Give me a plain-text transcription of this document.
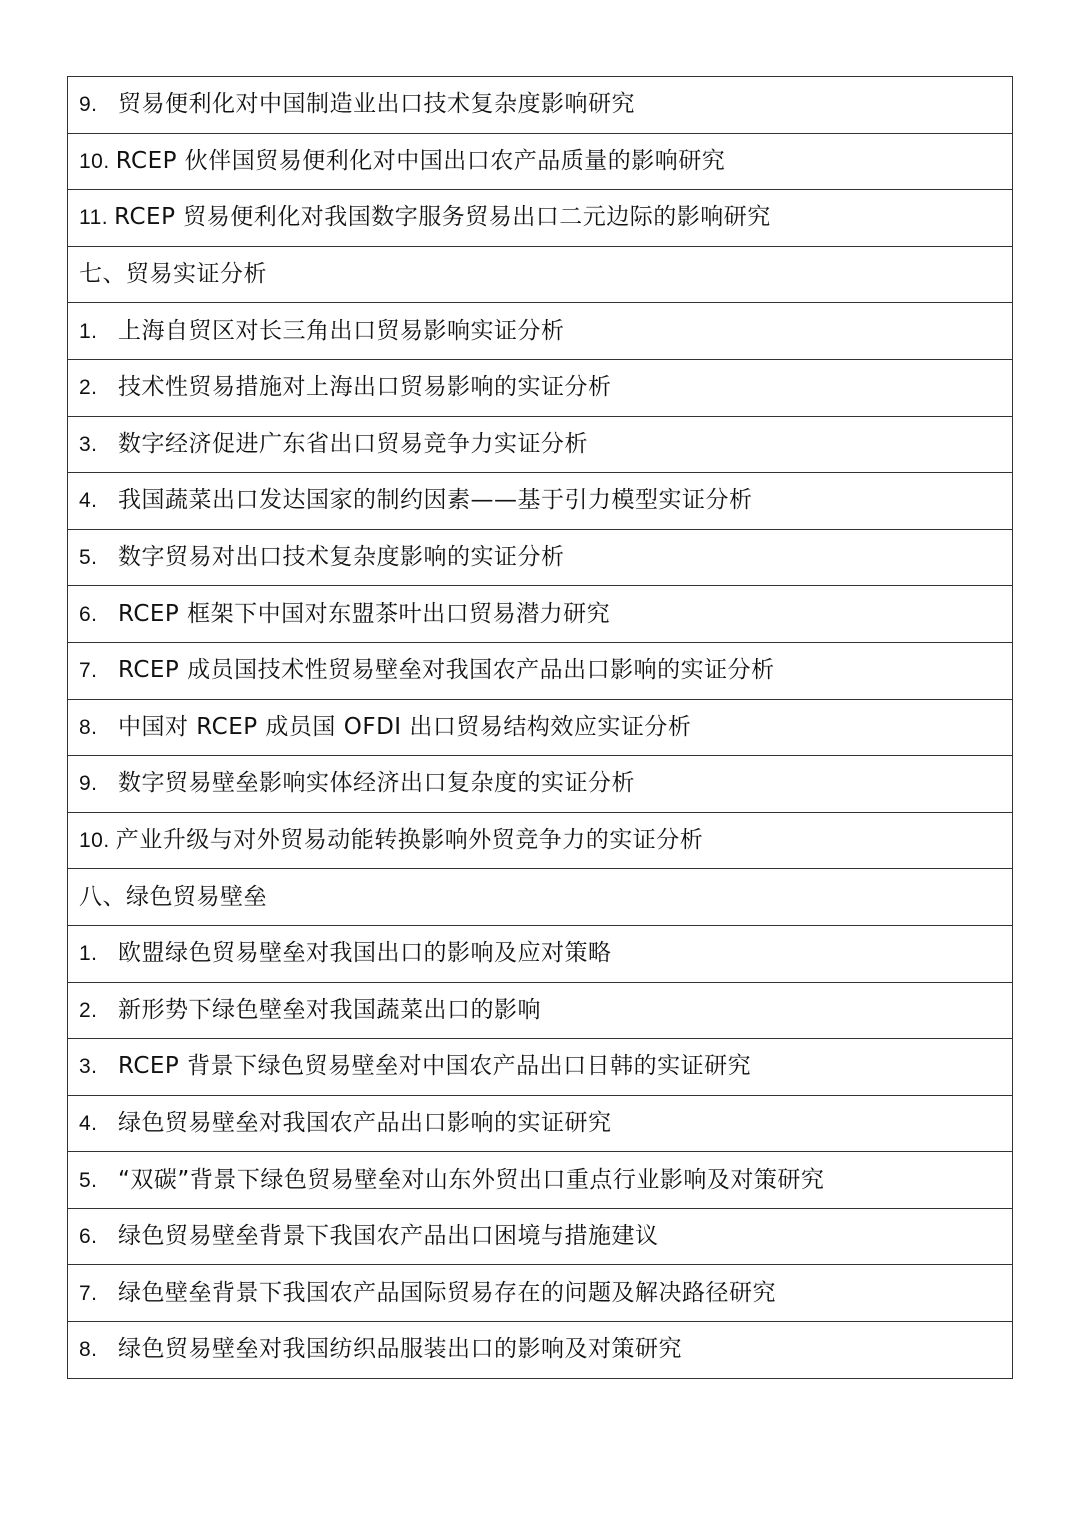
9. 贸易便利化对中国制造业出口技术复杂度影响研究
10. RCEP 伙伴国贸易便利化对中国出口农产品质量的影响研究
11. RCEP 贸易便利化对我国数字服务贸易出口二元边际的影响研究
七、贸易实证分析
1. 上海自贸区对长三角出口贸易影响实证分析
2. 技术性贸易措施对上海出口贸易影响的实证分析
3. 数字经济促进广东省出口贸易竞争力实证分析
4. 我国蔬菜出口发达国家的制约因素——基于引力模型实证分析
5. 数字贸易对出口技术复杂度影响的实证分析
6. RCEP 框架下中国对东盟茶叶出口贸易潜力研究
7. RCEP 成员国技术性贸易壁垒对我国农产品出口影响的实证分析
8. 中国对 RCEP 成员国 OFDI 出口贸易结构效应实证分析
9. 数字贸易壁垒影响实体经济出口复杂度的实证分析
10. 产业升级与对外贸易动能转换影响外贸竞争力的实证分析
八、绿色贸易壁垒
1. 欧盟绿色贸易壁垒对我国出口的影响及应对策略
2. 新形势下绿色壁垒对我国蔬菜出口的影响
3. RCEP 背景下绿色贸易壁垒对中国农产品出口日韩的实证研究
4. 绿色贸易壁垒对我国农产品出口影响的实证研究
5. “双碳”背景下绿色贸易壁垒对山东外贸出口重点行业影响及对策研究
6. 绿色贸易壁垒背景下我国农产品出口困境与措施建议
7. 绿色壁垒背景下我国农产品国际贸易存在的问题及解决路径研究
8. 绿色贸易壁垒对我国纺织品服装出口的影响及对策研究
